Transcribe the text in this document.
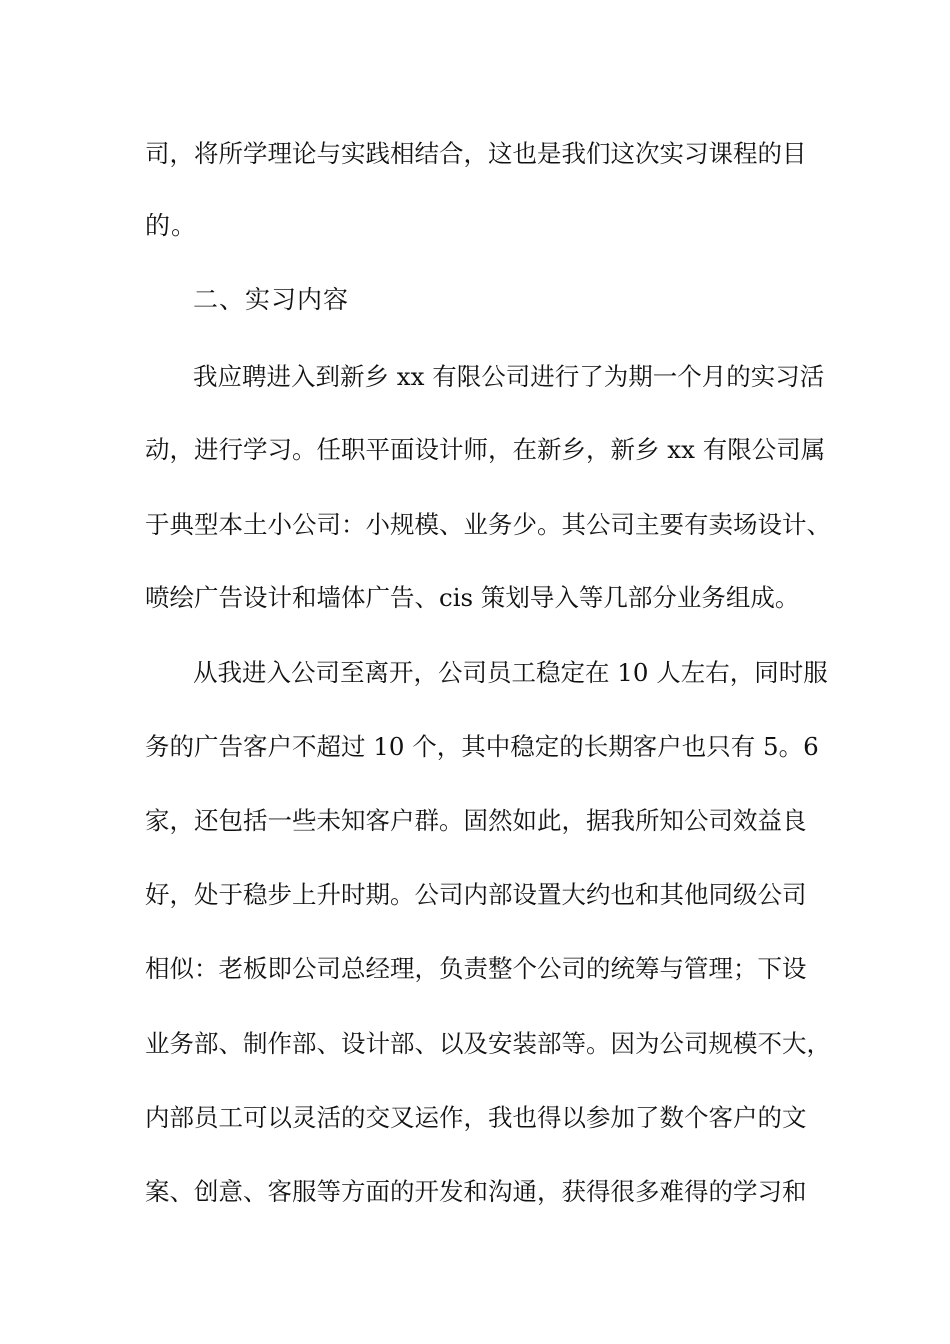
司，将所学理论与实践相结合，这也是我们这次实习课程的目
的。
二、实习内容
我应聘进入到新乡 xx 有限公司进行了为期一个月的实习活
动，进行学习。任职平面设计师，在新乡，新乡 xx 有限公司属
于典型本土小公司：小规模、业务少。其公司主要有卖场设计、
喷绘广告设计和墙体广告、cis 策划导入等几部分业务组成。
从我进入公司至离开，公司员工稳定在 10 人左右，同时服
务的广告客户不超过 10 个，其中稳定的长期客户也只有 5。6
家，还包括一些未知客户群。固然如此，据我所知公司效益良
好，处于稳步上升时期。公司内部设置大约也和其他同级公司
相似：老板即公司总经理，负责整个公司的统筹与管理；下设
业务部、制作部、设计部、以及安装部等。因为公司规模不大，
内部员工可以灵活的交叉运作，我也得以参加了数个客户的文
案、创意、客服等方面的开发和沟通，获得很多难得的学习和
